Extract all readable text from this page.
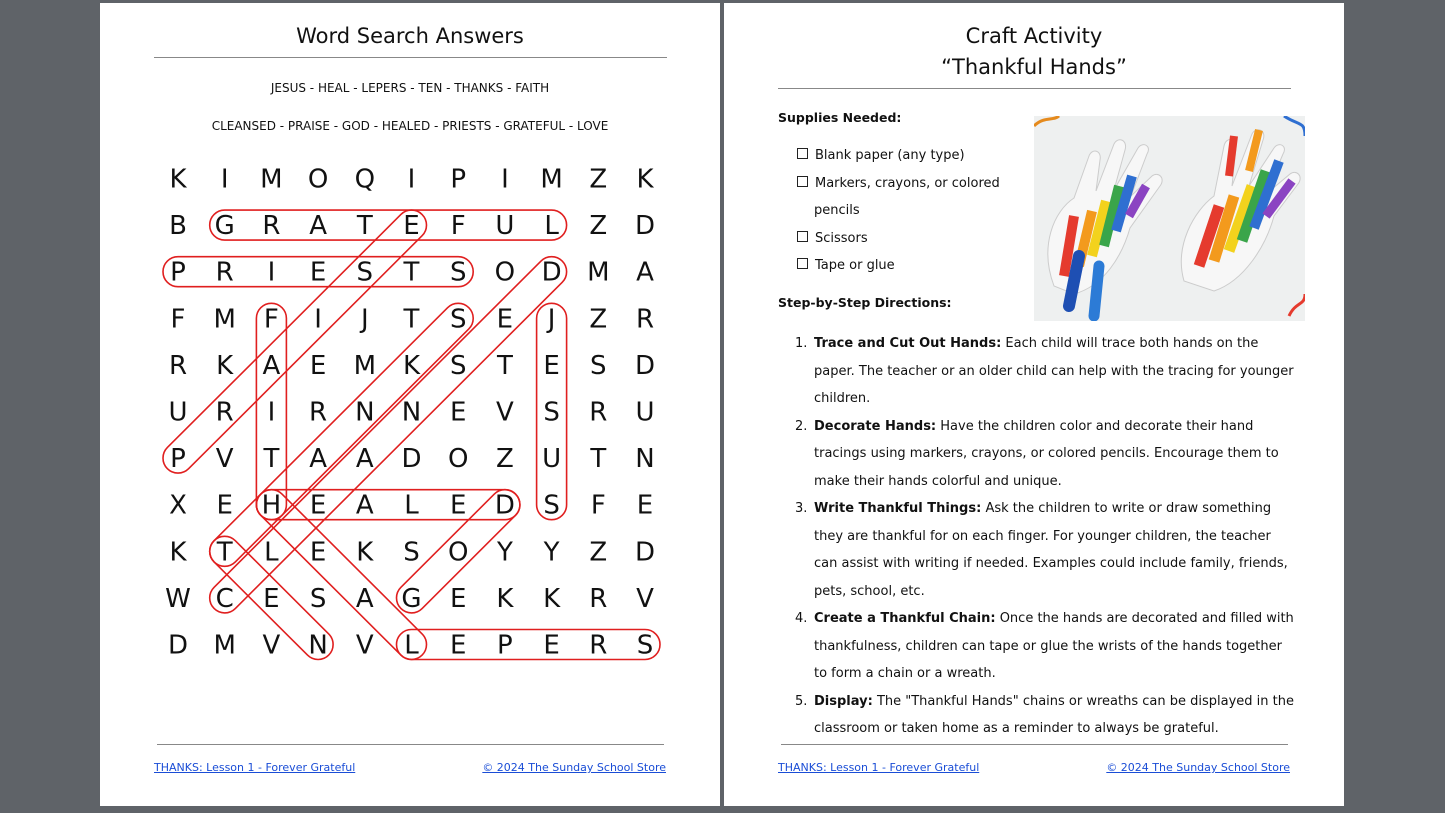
Word Search Answers
JESUS - HEAL - LEPERS - TEN - THANKS - FAITH
CLEANSED - PRAISE - GOD - HEALED - PRIESTS - GRATEFUL - LOVE
K I M O Q I P I M Z K
B G R A T E F U L Z D
P R I E S T S O D M A
F M F I J T S E J Z R
R K A E M K S T E S D
U R I R N N E V S R U
P V T A A D O Z U T N
X E H E A L E D S F E
K T L E K S O Y Y Z D
W C E S A G E K K R V
D M V N V L E P E R S
THANKS: Lesson 1 - Forever Grateful	© 2024 The Sunday School Store
Craft Activity
“Thankful Hands”
Supplies Needed:
Blank paper (any type)
Markers, crayons, or colored
pencils
Scissors
Tape or glue
Step-by-Step Directions:
1. Trace and Cut Out Hands: Each child will trace both hands on the paper. The teacher or an older child can help with the tracing for younger children.
2. Decorate Hands: Have the children color and decorate their hand tracings using markers, crayons, or colored pencils. Encourage them to make their hands colorful and unique.
3. Write Thankful Things: Ask the children to write or draw something they are thankful for on each finger. For younger children, the teacher can assist with writing if needed. Examples could include family, friends, pets, school, etc.
4. Create a Thankful Chain: Once the hands are decorated and filled with thankfulness, children can tape or glue the wrists of the hands together to form a chain or a wreath.
5. Display: The "Thankful Hands" chains or wreaths can be displayed in the classroom or taken home as a reminder to always be grateful.
THANKS: Lesson 1 - Forever Grateful	© 2024 The Sunday School Store
